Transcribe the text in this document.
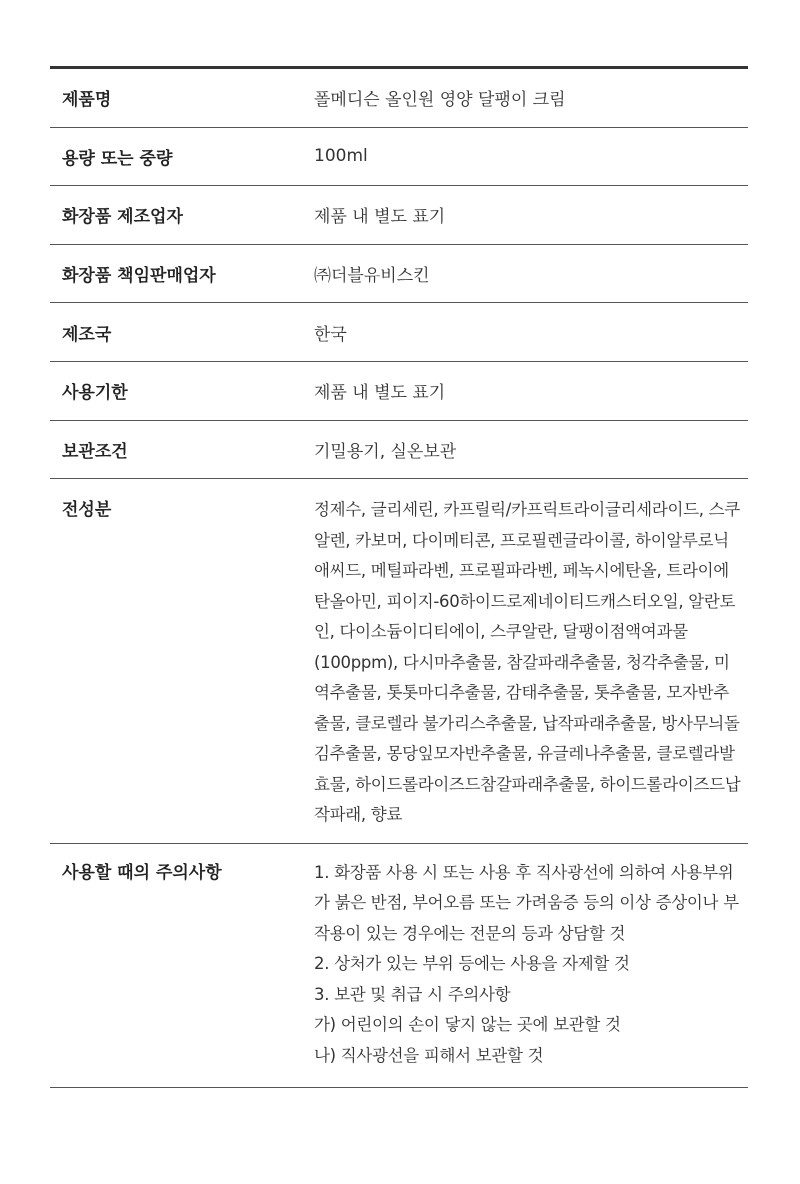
제품명	폴메디슨 올인원 영양 달팽이 크림
용량 또는 중량	100ml
화장품 제조업자	제품 내 별도 표기
화장품 책임판매업자	㈜더블유비스킨
제조국	한국
사용기한	제품 내 별도 표기
보관조건	기밀용기, 실온보관
전성분	정제수, 글리세린, 카프릴릭/카프릭트라이글리세라이드, 스쿠알렌, 카보머, 다이메티콘, 프로필렌글라이콜, 하이알루로닉애씨드, 메틸파라벤, 프로필파라벤, 페녹시에탄올, 트라이에탄올아민, 피이지-60하이드로제네이티드캐스터오일, 알란토인, 다이소듐이디티에이, 스쿠알란, 달팽이점액여과물(100ppm), 다시마추출물, 참갈파래추출물, 청각추출물, 미역추출물, 톳톳마디추출물, 감태추출물, 톳추출물, 모자반추출물, 클로렐라 불가리스추출물, 납작파래추출물, 방사무늬돌김추출물, 몽당잎모자반추출물, 유글레나추출물, 클로렐라발효물, 하이드롤라이즈드참갈파래추출물, 하이드롤라이즈드납작파래, 향료
사용할 때의 주의사항	1. 화장품 사용 시 또는 사용 후 직사광선에 의하여 사용부위가 붉은 반점, 부어오름 또는 가려움증 등의 이상 증상이나 부작용이 있는 경우에는 전문의 등과 상담할 것
2. 상처가 있는 부위 등에는 사용을 자제할 것
3. 보관 및 취급 시 주의사항
가) 어린이의 손이 닿지 않는 곳에 보관할 것
나) 직사광선을 피해서 보관할 것
